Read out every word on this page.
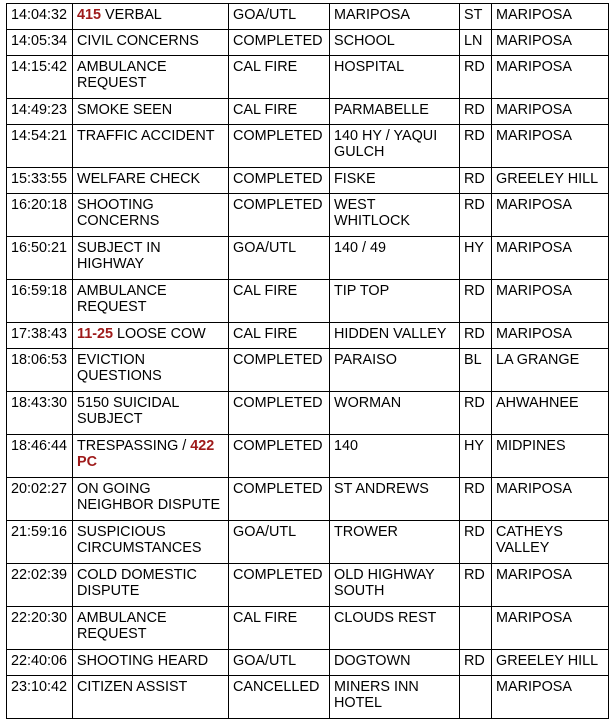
14:04:32	415 VERBAL	GOA/UTL	MARIPOSA	ST	MARIPOSA
14:05:34	CIVIL CONCERNS	COMPLETED	SCHOOL	LN	MARIPOSA
14:15:42	AMBULANCE REQUEST	CAL FIRE	HOSPITAL	RD	MARIPOSA
14:49:23	SMOKE SEEN	CAL FIRE	PARMABELLE	RD	MARIPOSA
14:54:21	TRAFFIC ACCIDENT	COMPLETED	140 HY / YAQUI GULCH	RD	MARIPOSA
15:33:55	WELFARE CHECK	COMPLETED	FISKE	RD	GREELEY HILL
16:20:18	SHOOTING CONCERNS	COMPLETED	WEST WHITLOCK	RD	MARIPOSA
16:50:21	SUBJECT IN HIGHWAY	GOA/UTL	140 / 49	HY	MARIPOSA
16:59:18	AMBULANCE REQUEST	CAL FIRE	TIP TOP	RD	MARIPOSA
17:38:43	11-25 LOOSE COW	CAL FIRE	HIDDEN VALLEY	RD	MARIPOSA
18:06:53	EVICTION QUESTIONS	COMPLETED	PARAISO	BL	LA GRANGE
18:43:30	5150 SUICIDAL SUBJECT	COMPLETED	WORMAN	RD	AHWAHNEE
18:46:44	TRESPASSING / 422 PC	COMPLETED	140	HY	MIDPINES
20:02:27	ON GOING NEIGHBOR DISPUTE	COMPLETED	ST ANDREWS	RD	MARIPOSA
21:59:16	SUSPICIOUS CIRCUMSTANCES	GOA/UTL	TROWER	RD	CATHEYS VALLEY
22:02:39	COLD DOMESTIC DISPUTE	COMPLETED	OLD HIGHWAY SOUTH	RD	MARIPOSA
22:20:30	AMBULANCE REQUEST	CAL FIRE	CLOUDS REST		MARIPOSA
22:40:06	SHOOTING HEARD	GOA/UTL	DOGTOWN	RD	GREELEY HILL
23:10:42	CITIZEN ASSIST	CANCELLED	MINERS INN HOTEL		MARIPOSA
